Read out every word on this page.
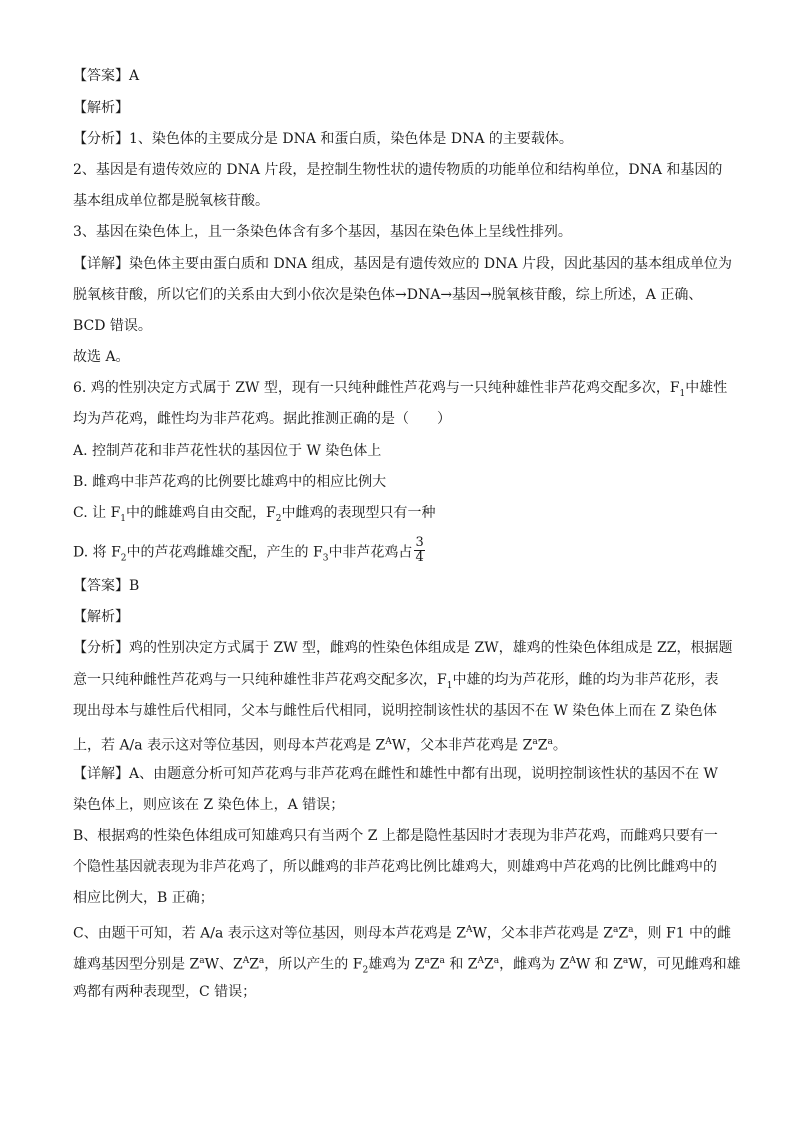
【答案】A
【解析】
【分析】1、染色体的主要成分是 DNA 和蛋白质，染色体是 DNA 的主要载体。
2、基因是有遗传效应的 DNA 片段，是控制生物性状的遗传物质的功能单位和结构单位，DNA 和基因的
基本组成单位都是脱氧核苷酸。
3、基因在染色体上，且一条染色体含有多个基因，基因在染色体上呈线性排列。
【详解】染色体主要由蛋白质和 DNA 组成，基因是有遗传效应的 DNA 片段，因此基因的基本组成单位为
脱氧核苷酸，所以它们的关系由大到小依次是染色体→DNA→基因→脱氧核苷酸，综上所述，A 正确、
BCD 错误。
故选 A。
6. 鸡的性别决定方式属于 ZW 型，现有一只纯种雌性芦花鸡与一只纯种雄性非芦花鸡交配多次，$F_1$中雄性
均为芦花鸡，雌性均为非芦花鸡。据此推测正确的是（　　）
A. 控制芦花和非芦花性状的基因位于 W 染色体上
B. 雌鸡中非芦花鸡的比例要比雄鸡中的相应比例大
C. 让 $F_1$中的雌雄鸡自由交配，$F_2$中雌鸡的表现型只有一种
D. 将 $F_2$中的芦花鸡雌雄交配，产生的 $F_3$中非芦花鸡占 $\frac{3}{4}$
【答案】B
【解析】
【分析】鸡的性别决定方式属于 ZW 型，雌鸡的性染色体组成是 ZW，雄鸡的性染色体组成是 ZZ，根据题
意一只纯种雌性芦花鸡与一只纯种雄性非芦花鸡交配多次，$F_1$中雄的均为芦花形，雌的均为非芦花形，表
现出母本与雄性后代相同，父本与雌性后代相同，说明控制该性状的基因不在 W 染色体上而在 Z 染色体
上，若 A/a 表示这对等位基因，则母本芦花鸡是 $Z^AW$，父本非芦花鸡是 $Z^aZ^a$。
【详解】A、由题意分析可知芦花鸡与非芦花鸡在雌性和雄性中都有出现，说明控制该性状的基因不在 W
染色体上，则应该在 Z 染色体上，A 错误；
B、根据鸡的性染色体组成可知雄鸡只有当两个 Z 上都是隐性基因时才表现为非芦花鸡，而雌鸡只要有一
个隐性基因就表现为非芦花鸡了，所以雌鸡的非芦花鸡比例比雄鸡大，则雄鸡中芦花鸡的比例比雌鸡中的
相应比例大，B 正确；
C、由题干可知，若 A/a 表示这对等位基因，则母本芦花鸡是 $Z^AW$，父本非芦花鸡是 $Z^aZ^a$，则 F1 中的雌
雄鸡基因型分别是 $Z^aW$、$Z^AZ^a$，所以产生的 $F_2$雄鸡为 $Z^aZ^a$ 和 $Z^AZ^a$，雌鸡为 $Z^AW$ 和 $Z^aW$，可见雌鸡和雄
鸡都有两种表现型，C 错误；
